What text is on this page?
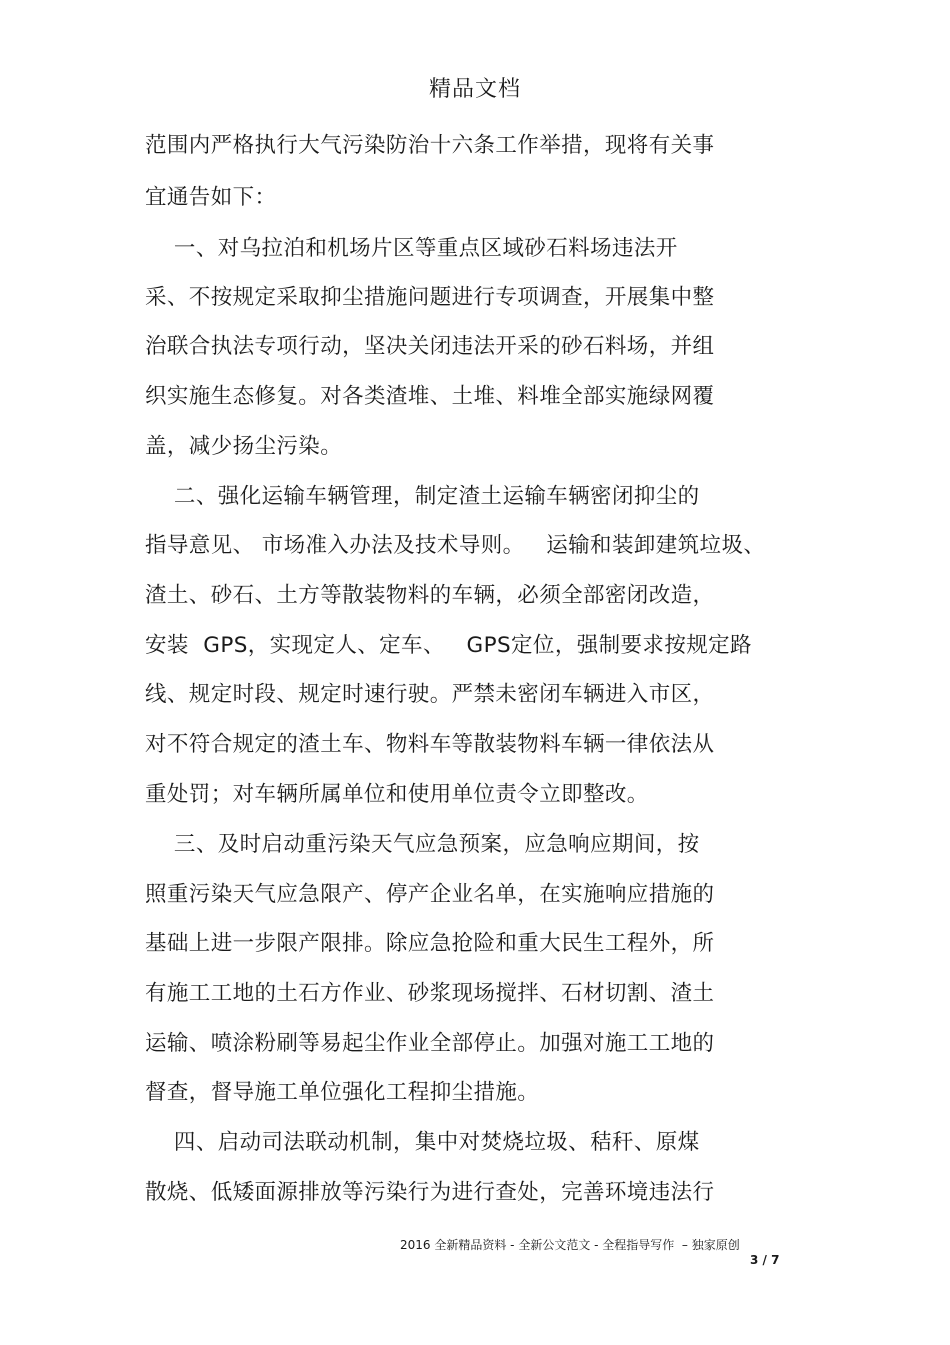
精品文档
范围内严格执行大气污染防治十六条工作举措，现将有关事
宜通告如下：
一、对乌拉泊和机场片区等重点区域砂石料场违法开
采、不按规定采取抑尘措施问题进行专项调查，开展集中整
治联合执法专项行动，坚决关闭违法开采的砂石料场，并组
织实施生态修复。对各类渣堆、土堆、料堆全部实施绿网覆
盖，减少扬尘污染。
二、强化运输车辆管理，制定渣土运输车辆密闭抑尘的
指导意见、 市场准入办法及技术导则。   运输和装卸建筑垃圾、
渣土、砂石、土方等散装物料的车辆，必须全部密闭改造，
安装  GPS，实现定人、定车、   GPS定位，强制要求按规定路
线、规定时段、规定时速行驶。严禁未密闭车辆进入市区，
对不符合规定的渣土车、物料车等散装物料车辆一律依法从
重处罚；对车辆所属单位和使用单位责令立即整改。
三、及时启动重污染天气应急预案，应急响应期间，按
照重污染天气应急限产、停产企业名单，在实施响应措施的
基础上进一步限产限排。除应急抢险和重大民生工程外，所
有施工工地的土石方作业、砂浆现场搅拌、石材切割、渣土
运输、喷涂粉刷等易起尘作业全部停止。加强对施工工地的
督查，督导施工单位强化工程抑尘措施。
四、启动司法联动机制，集中对焚烧垃圾、秸秆、原煤
散烧、低矮面源排放等污染行为进行查处，完善环境违法行
2016 全新精品资料 - 全新公文范文 - 全程指导写作  – 独家原创
3 / 7
